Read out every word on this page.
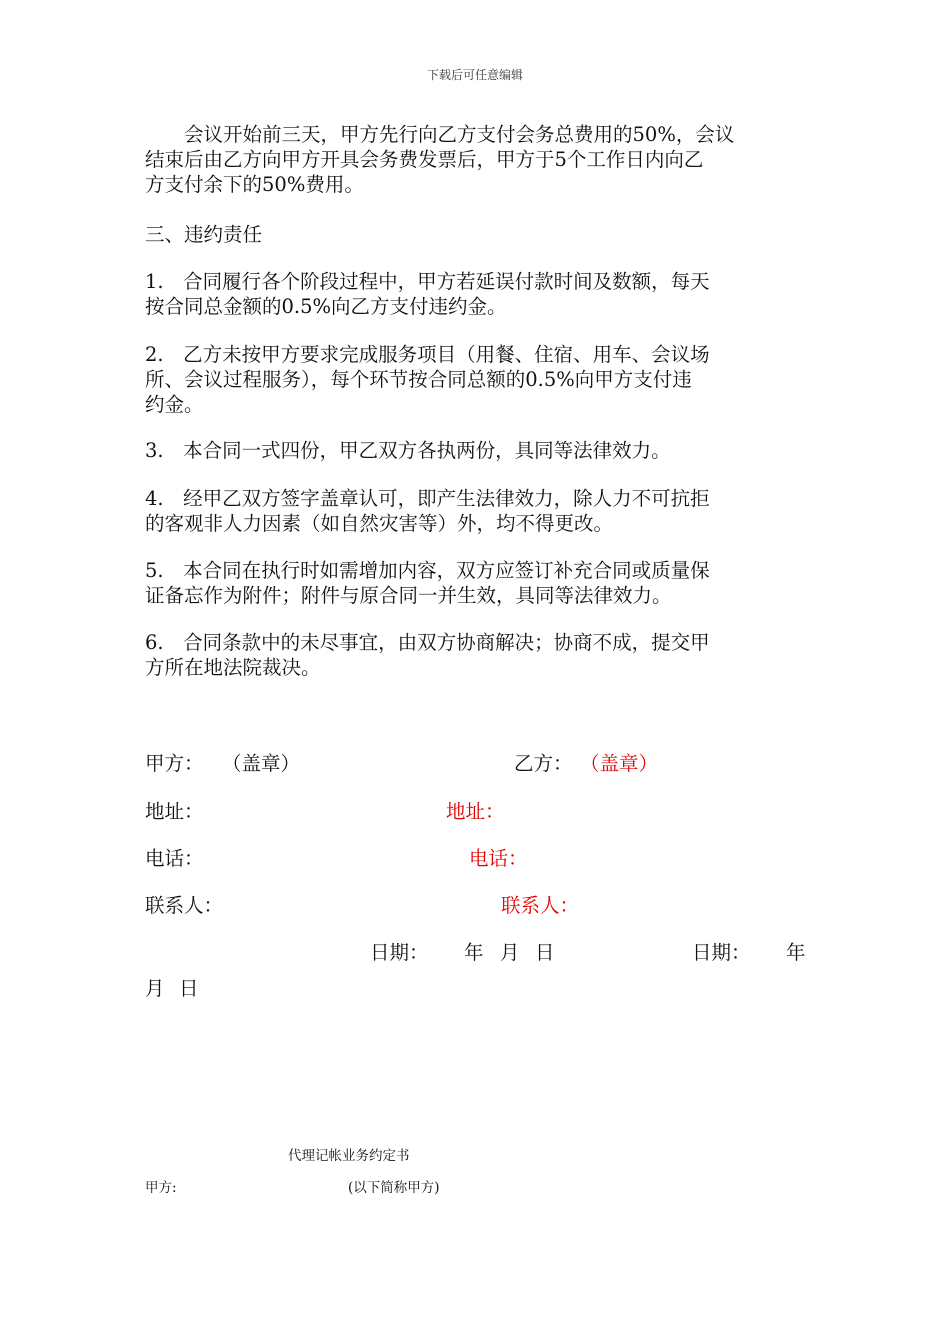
下载后可任意编辑

会议开始前三天，甲方先行向乙方支付会务总费用的50%，会议

结束后由乙方向甲方开具会务费发票后，甲方于5个工作日内向乙

方支付余下的50%费用。

三、违约责任

1.　合同履行各个阶段过程中，甲方若延误付款时间及数额，每天

按合同总金额的0.5%向乙方支付违约金。

2.　乙方未按甲方要求完成服务项目（用餐、住宿、用车、会议场

所、会议过程服务），每个环节按合同总额的0.5%向甲方支付违

约金。

3.　本合同一式四份，甲乙双方各执两份，具同等法律效力。

4.　经甲乙双方签字盖章认可，即产生法律效力，除人力不可抗拒

的客观非人力因素（如自然灾害等）外，均不得更改。

5.　本合同在执行时如需增加内容，双方应签订补充合同或质量保

证备忘作为附件；附件与原合同一并生效，具同等法律效力。

6.　合同条款中的未尽事宜，由双方协商解决；协商不成，提交甲

方所在地法院裁决。

甲方： （盖章）	乙方： （盖章）
地址：	地址：
电话：	电话：
联系人：	联系人：
日期： 年 月 日	日期： 年
月 日
代理记帐业务约定书
甲方:	(以下简称甲方)
